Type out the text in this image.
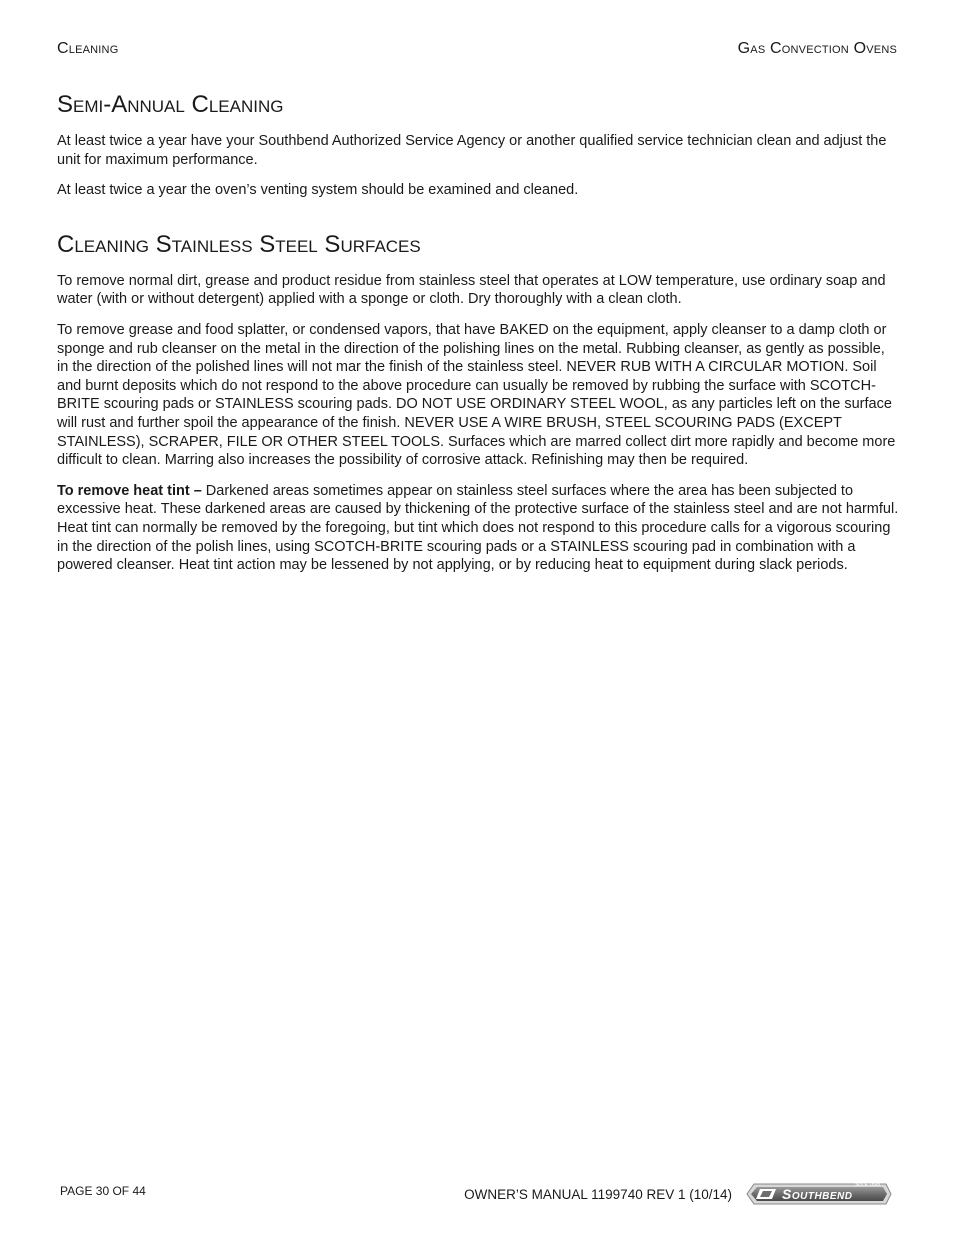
Cleaning	Gas Convection Ovens
Semi-Annual Cleaning

At least twice a year have your Southbend Authorized Service Agency or another qualified service technician clean and adjust the unit for maximum performance.

At least twice a year the oven’s venting system should be examined and cleaned.

Cleaning Stainless Steel Surfaces

To remove normal dirt, grease and product residue from stainless steel that operates at LOW temperature, use ordinary soap and water (with or without detergent) applied with a sponge or cloth. Dry thoroughly with a clean cloth.

To remove grease and food splatter, or condensed vapors, that have BAKED on the equipment, apply cleanser to a damp cloth or sponge and rub cleanser on the metal in the direction of the polishing lines on the metal. Rubbing cleanser, as gently as possible, in the direction of the polished lines will not mar the finish of the stainless steel. NEVER RUB WITH A CIRCULAR MOTION. Soil and burnt deposits which do not respond to the above procedure can usually be removed by rubbing the surface with SCOTCH-BRITE scouring pads or STAINLESS scouring pads. DO NOT USE ORDINARY STEEL WOOL, as any particles left on the surface will rust and further spoil the appearance of the finish. NEVER USE A WIRE BRUSH, STEEL SCOURING PADS (EXCEPT STAINLESS), SCRAPER, FILE OR OTHER STEEL TOOLS. Surfaces which are marred collect dirt more rapidly and become more difficult to clean. Marring also increases the possibility of corrosive attack. Refinishing may then be required.

To remove heat tint – Darkened areas sometimes appear on stainless steel surfaces where the area has been subjected to excessive heat. These darkened areas are caused by thickening of the protective surface of the stainless steel and are not harmful. Heat tint can normally be removed by the foregoing, but tint which does not respond to this procedure calls for a vigorous scouring in the direction of the polish lines, using SCOTCH-BRITE scouring pads or a STAINLESS scouring pad in combination with a powered cleanser. Heat tint action may be lessened by not applying, or by reducing heat to equipment during slack periods.

PAGE 30 OF 44	OWNER’S MANUAL 1199740 REV 1 (10/14)	Southbend
Since 1898
